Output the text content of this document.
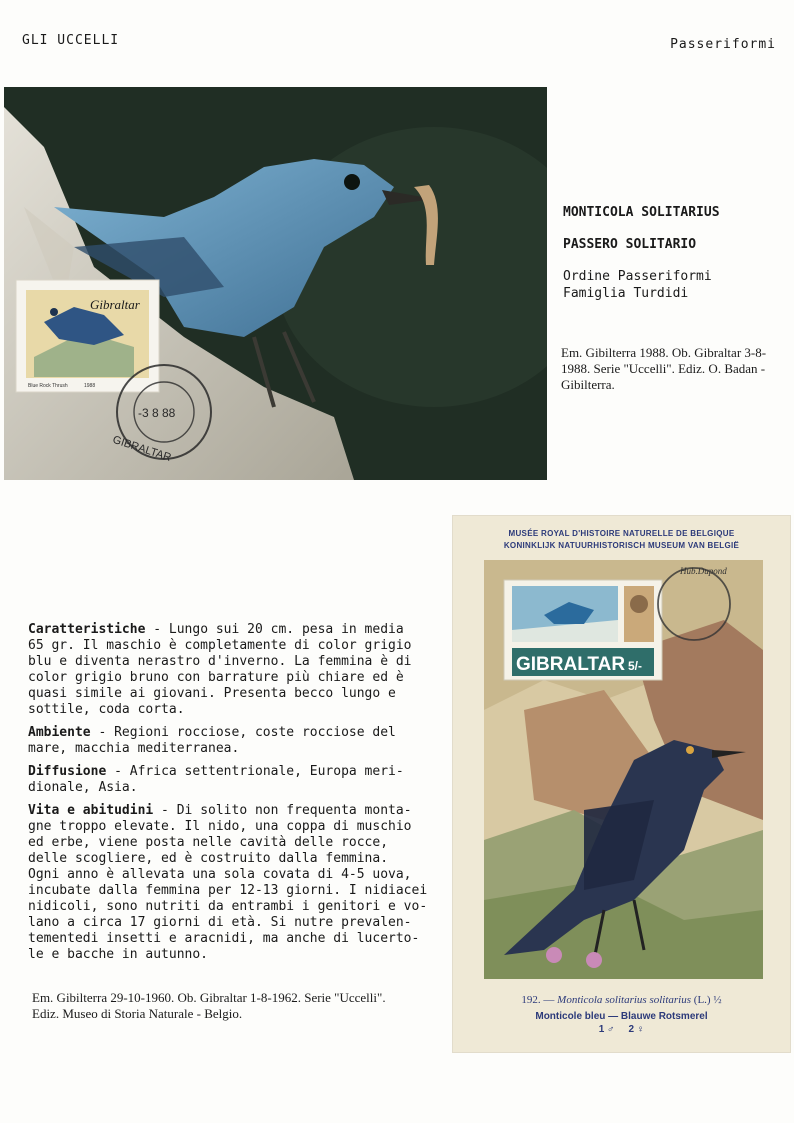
GLI UCCELLI	Passeriformi
Gibraltar
Blue Rock Thrush	1988
GIBRALTAR
-3 8 88
MONTICOLA SOLITARIUS
PASSERO SOLITARIO
Ordine Passeriformi
Famiglia Turdidi
Em. Gibilterra 1988. Ob. Gibraltar 3-8-1988. Serie "Uccelli". Ediz. O. Badan - Gibilterra.

Caratteristiche - Lungo sui 20 cm. pesa in media
65 gr. Il maschio è completamente di color grigio
blu e diventa nerastro d'inverno. La femmina è di
color grigio bruno con barrature più chiare ed è
quasi simile ai giovani. Presenta becco lungo e
sottile, coda corta.

Ambiente - Regioni rocciose, coste rocciose del
mare, macchia mediterranea.

Diffusione - Africa settentrionale, Europa meri-
dionale, Asia.

Vita e abitudini - Di solito non frequenta monta-
gne troppo elevate. Il nido, una coppa di muschio
ed erbe, viene posta nelle cavità delle rocce,
delle scogliere, ed è costruito dalla femmina.
Ogni anno è allevata una sola covata di 4-5 uova,
incubate dalla femmina per 12-13 giorni. I nidiacei
nidicoli, sono nutriti da entrambi i genitori e vo-
lano a circa 17 giorni di età. Si nutre prevalen-
tementedi insetti e aracnidi, ma anche di lucerto-
le e bacche in autunno.

Em. Gibilterra 29-10-1960. Ob. Gibraltar 1-8-1962. Serie "Uccelli". Ediz. Museo di Storia Naturale - Belgio.
MUSÉE ROYAL D'HISTOIRE NATURELLE DE BELGIQUE
KONINKLIJK NATUURHISTORISCH MUSEUM VAN BELGIË
GIBRALTAR 5/-
Hub.Dupond
192. — Monticola solitarius solitarius (L.) ½
Monticole bleu — Blauwe Rotsmerel
1 ♂ 2 ♀
